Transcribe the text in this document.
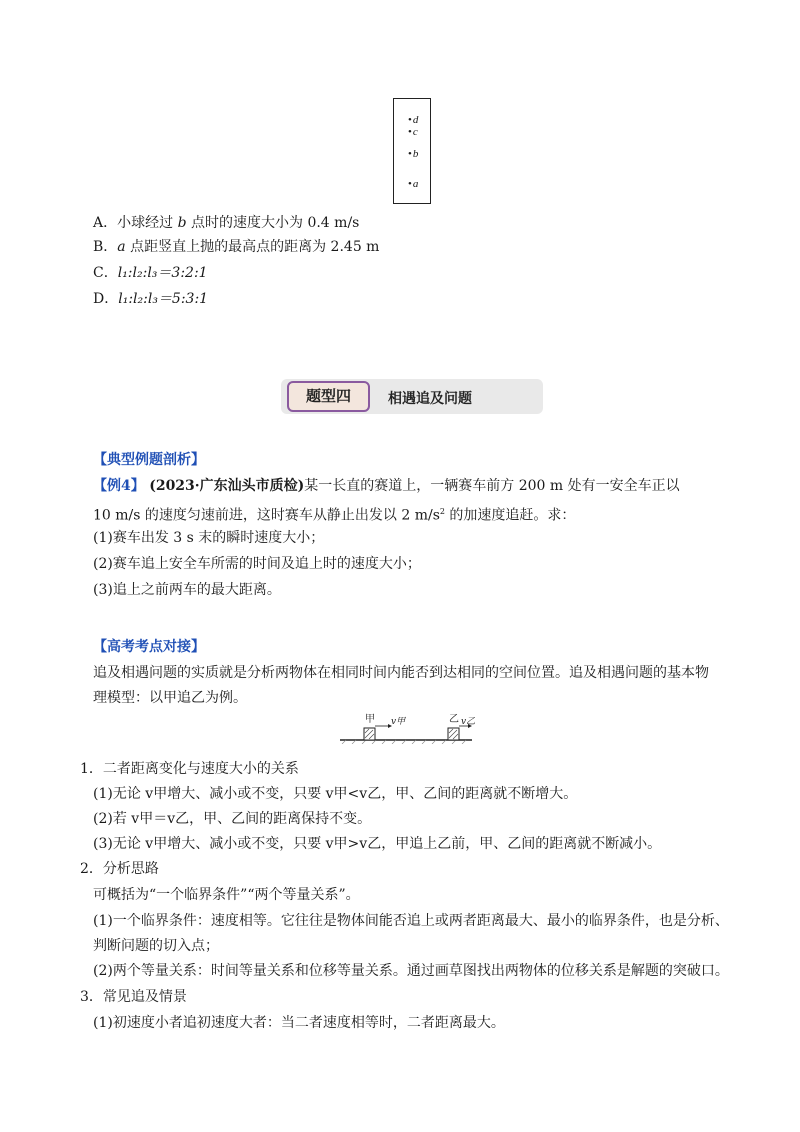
• d
• c
• b
• a
A．小球经过 b 点时的速度大小为 0.4 m/s
B．a 点距竖直上抛的最高点的距离为 2.45 m
C．l₁:l₂:l₃＝3:2:1
D．l₁:l₂:l₃＝5:3:1
题型四	相遇追及问题
【典型例题剖析】
【例4】 (2023·广东汕头市质检)某一长直的赛道上，一辆赛车前方 200 m 处有一安全车正以
10 m/s 的速度匀速前进，这时赛车从静止出发以 2 $m/s^2$ 的加速度追赶。求：
(1)赛车出发 3 s 末的瞬时速度大小；
(2)赛车追上安全车所需的时间及追上时的速度大小；
(3)追上之前两车的最大距离。
【高考考点对接】
追及相遇问题的实质就是分析两物体在相同时间内能否到达相同的空间位置。追及相遇问题的基本物
理模型：以甲追乙为例。
甲 v甲	乙 v乙
1．二者距离变化与速度大小的关系
(1)无论 v甲增大、减小或不变，只要 v甲<v乙，甲、乙间的距离就不断增大。
(2)若 v甲＝v乙，甲、乙间的距离保持不变。
(3)无论 v甲增大、减小或不变，只要 v甲>v乙，甲追上乙前，甲、乙间的距离就不断减小。
2．分析思路
可概括为“一个临界条件”“两个等量关系”。
(1)一个临界条件：速度相等。它往往是物体间能否追上或两者距离最大、最小的临界条件，也是分析、
判断问题的切入点；
(2)两个等量关系：时间等量关系和位移等量关系。通过画草图找出两物体的位移关系是解题的突破口。
3．常见追及情景
(1)初速度小者追初速度大者：当二者速度相等时，二者距离最大。
